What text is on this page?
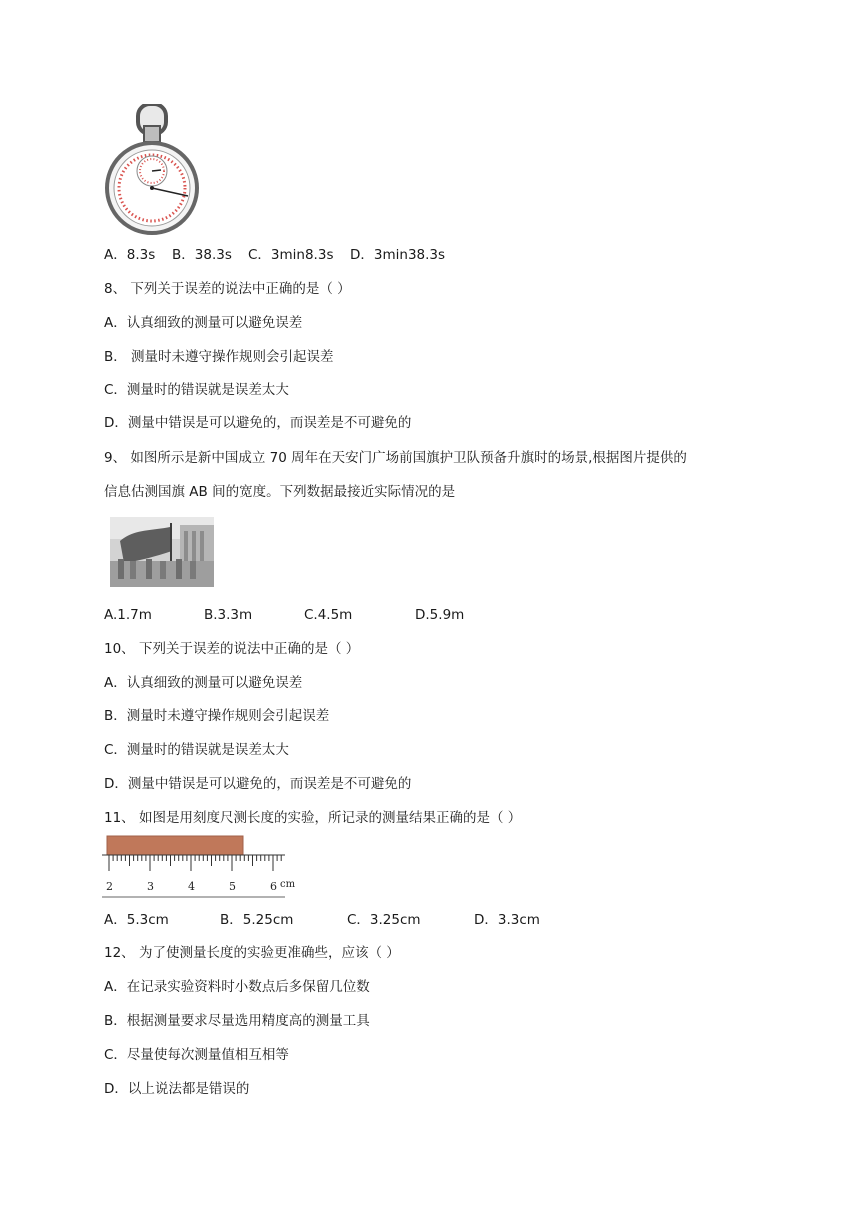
A．8.3s B．38.3s C．3min8.3s D．3min38.3s
8、 下列关于误差的说法中正确的是（ ）
A．认真细致的测量可以避免误差
B． 测量时未遵守操作规则会引起误差
C．测量时的错误就是误差太大
D．测量中错误是可以避免的，而误差是不可避免的
9、 如图所示是新中国成立 70 周年在天安门广场前国旗护卫队预备升旗时的场景,根据图片提供的
信息估测国旗 AB 间的宽度。下列数据最接近实际情况的是
A.1.7m	B.3.3m	C.4.5m	D.5.9m
10、 下列关于误差的说法中正确的是（ ）
A．认真细致的测量可以避免误差
B．测量时未遵守操作规则会引起误差
C．测量时的错误就是误差太大
D．测量中错误是可以避免的，而误差是不可避免的
11、 如图是用刻度尺测长度的实验，所记录的测量结果正确的是（ ）
2	3	4	5	6 cm
A．5.3cm	B．5.25cm	C．3.25cm	D．3.3cm
12、 为了使测量长度的实验更准确些，应该（ ）
A．在记录实验资料时小数点后多保留几位数
B．根据测量要求尽量选用精度高的测量工具
C．尽量使每次测量值相互相等
D．以上说法都是错误的
